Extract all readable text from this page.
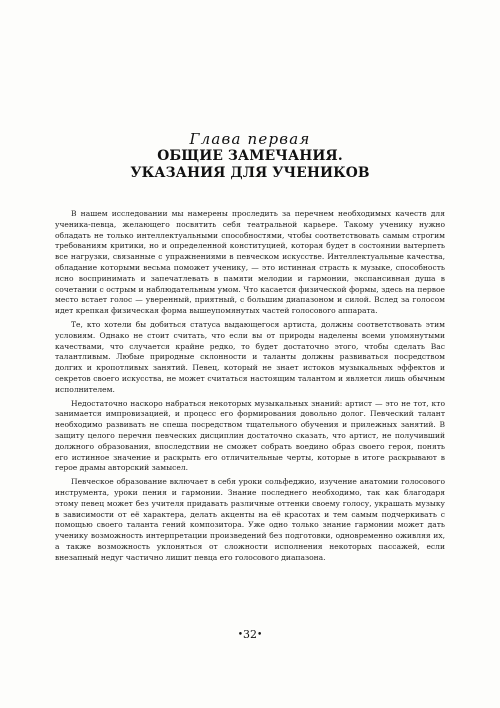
Глава первая
ОБЩИЕ ЗАМЕЧАНИЯ.
УКАЗАНИЯ ДЛЯ УЧЕНИКОВ

В нашем исследовании мы намерены проследить за перечнем необходимых качеств для ученика-певца, желающего посвятить себя театральной карьере. Такому ученику нужно обладать не только интеллектуальными способностями, чтобы соответствовать самым строгим требованиям критики, но и определенной конституцией, которая будет в состоянии вытерпеть все нагрузки, связанные с упражнениями в певческом искусстве. Интеллектуальные качества, обладание которыми весьма поможет ученику, — это истинная страсть к музыке, способность ясно воспринимать и запечатлевать в памяти мелодии и гармонии, экспансивная душа в сочетании с острым и наблюдательным умом. Что касается физической формы, здесь на первое место встает голос — уверенный, приятный, с большим диапазоном и силой. Вслед за голосом идет крепкая физическая форма вышеупомянутых частей голосового аппарата.

Те, кто хотели бы добиться статуса выдающегося артиста, должны соответствовать этим условиям. Однако не стоит считать, что если вы от природы наделены всеми упомянутыми качествами, что случается крайне редко, то будет достаточно этого, чтобы сделать Вас талантливым. Любые природные склонности и таланты должны развиваться посредством долгих и кропотливых занятий. Певец, который не знает истоков музыкальных эффектов и секретов своего искусства, не может считаться настоящим талантом и является лишь обычным исполнителем.

Недостаточно наскоро набраться некоторых музыкальных знаний: артист — это не тот, кто занимается импровизацией, и процесс его формирования довольно долог. Певческий талант необходимо развивать не спеша посредством тщательного обучения и прилежных занятий. В защиту целого перечня певческих дисциплин достаточно сказать, что артист, не получивший должного образования, впоследствии не сможет собрать воедино образ своего героя, понять его истинное значение и раскрыть его отличительные черты, которые в итоге раскрывают в герое драмы авторский замысел.

Певческое образование включает в себя уроки сольфеджио, изучение анатомии голосового инструмента, уроки пения и гармонии. Знание последнего необходимо, так как благодаря этому певец может без учителя придавать различные оттенки своему голосу, украшать музыку в зависимости от её характера, делать акценты на её красотах и тем самым подчеркивать с помощью своего таланта гений композитора. Уже одно только знание гармонии может дать ученику возможность интерпретации произведений без подготовки, одновременно оживляя их, а также возможность уклоняться от сложности исполнения некоторых пассажей, если внезапный недуг частично лишит певца его голосового диапазона.

•32•
